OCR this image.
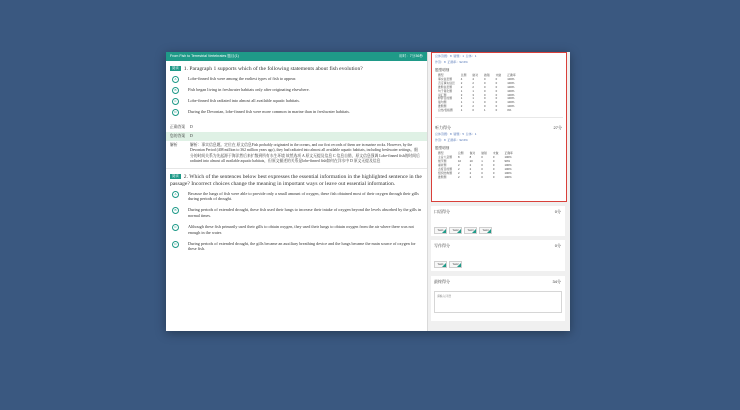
From Fish to Terrestrial Vertebrates 题目(1)	用时：7分36秒
阅读 1. Paragraph 1 supports which of the following statements about fish evolution?
A	Lobe-finned fish were among the earliest types of fish to appear.
B	Fish began living in freshwater habitats only after originating elsewhere.
C	Lobe-finned fish radiated into almost all available aquatic habitats.
D	During the Devonian, lobe-finned fish were more common in marine than in freshwater habitats.
正确答案 D
您的答案 D
解析	解析：事实信息题。定位在 原文信息Fish probably originated in the oceans, and our first records of them are in marine rocks. However, by the Devonian Period (408 million to 362 million years ago), they had radiated into almost all available aquatic habitats, including freshwater settings。细分的时间关系为先起源于海洋然后来扩散到所有水生环境 故然选项 A 原文无提及信息 C 信息自错，原文信息强调 Lobe-finned fish的时间后radiated into almost all available aquatic habitats，但原文描述的关系是lobe-finned fish如何在洋水中 D 原文无提及信息
阅读 2. Which of the sentences below best expresses the essential information in the highlighted sentence in the passage? Incorrect choices change the meaning in important ways or leave out essential information.
A	Because the lungs of fish were able to provide only a small amount of oxygen, these fish obtained most of their oxygen through their gills during periods of drought.
B	During periods of extended drought, these fish used their lungs to increase their intake of oxygen beyond the levels absorbed by the gills in normal times.
C	Although these fish primarily used their gills to obtain oxygen, they used their lungs to obtain oxygen from the air where there was not enough in the water.
D	During periods of extended drought, the gills became an auxiliary breathing device and the lungs became the main source of oxygen for these fish.
总体答题：8 错题：1 总体：1
作答：8 正确率：92.6%
题型明细
题型	总题	做对	做错	未做	正确率
事实信息题	4	4	0	0	100%
否定事实信息	2	2	0	0	100%
推断信息题	2	2	0	0	100%
句子简化题	1	1	0	0	100%
词汇题	3	3	0	0	100%
修辞目的题	1	1	0	0	100%
插句题	1	1	0	0	100%
推断题	2	2	0	0	100%
总结/表格题	1	0	1	0	0%
听力得分	27分
总体答题：8 错题：5 总体：1
作答：8 正确率：92.6%
题型明细
题型	总题	做对	做错	未做	正确率
主旨大意题	8	8	0	0	100%
细节题	10	10	1	0	90%
重听题	2	2	0	0	100%
态度目的题	2	2	0	0	100%
组织结构题	2	2	0	0	100%
推断题	2	2	0	0	100%
口语得分	0分
Task1	Task2	Task3	Task4
写作得分	0分
Task1	Task2
最终得分	34分
请输入评语
